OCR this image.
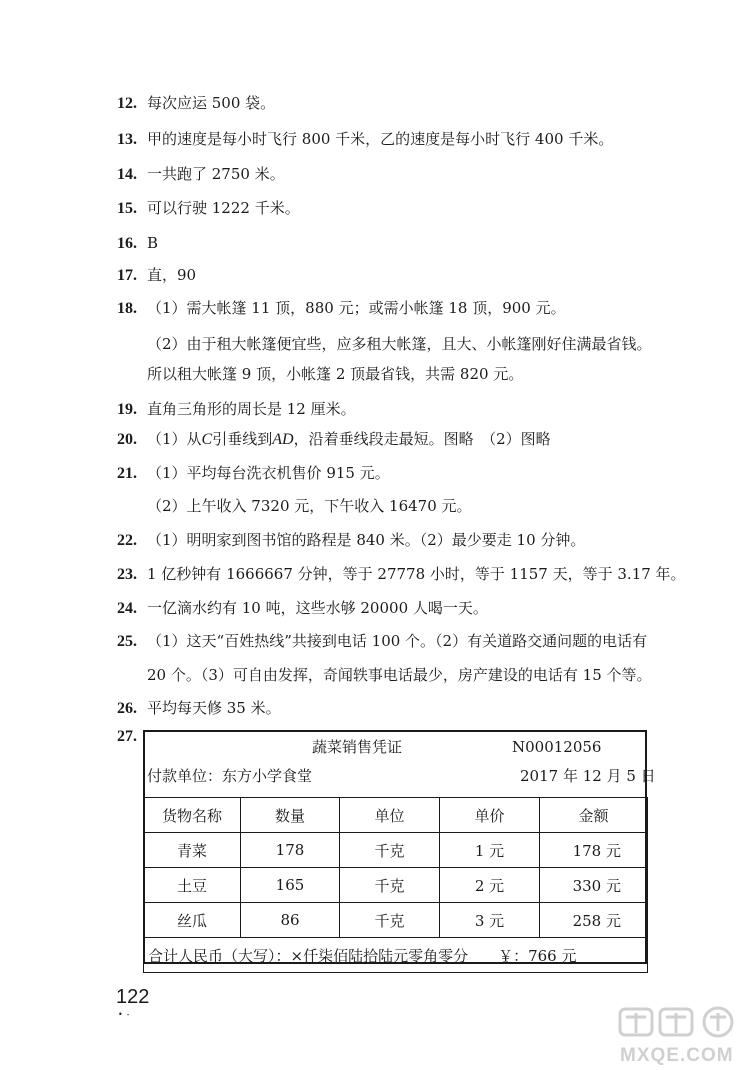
12. 每次应运 500 袋。
13. 甲的速度是每小时飞行 800 千米，乙的速度是每小时飞行 400 千米。
14. 一共跑了 2750 米。
15. 可以行驶 1222 千米。
16. B
17. 直，90
18. （1）需大帐篷 11 顶，880 元；或需小帐篷 18 顶，900 元。
（2）由于租大帐篷便宜些，应多租大帐篷，且大、小帐篷刚好住满最省钱。
所以租大帐篷 9 顶，小帐篷 2 顶最省钱，共需 820 元。
19. 直角三角形的周长是 12 厘米。
21. （1）平均每台洗衣机售价 915 元。
（2）上午收入 7320 元，下午收入 16470 元。
22. （1）明明家到图书馆的路程是 840 米。（2）最少要走 10 分钟。
23. 1 亿秒钟有 1666667 分钟，等于 27778 小时，等于 1157 天，等于 3.17 年。
24. 一亿滴水约有 10 吨，这些水够 20000 人喝一天。
25. （1）这天“百姓热线”共接到电话 100 个。（2）有关道路交通问题的电话有
20 个。（3）可自由发挥，奇闻轶事电话最少，房产建设的电话有 15 个等。
26. 平均每天修 35 米。
20. （1）从C引垂线到AD，沿着垂线段走最短。图略　（2）图略
27.
蔬菜销售凭证	N00012056
付款单位：东方小学食堂	2017 年 12 月 5 日
货物名称	数量	单位	单价	金额
青菜	178	千克	1 元	178 元
土豆	165	千克	2 元	330 元
丝瓜	86	千克	3 元	258 元
合计人民币（大写）：×仟柒佰陆拾陆元零角零分 ￥：766 元				
122
•‑
MXQE.COM
